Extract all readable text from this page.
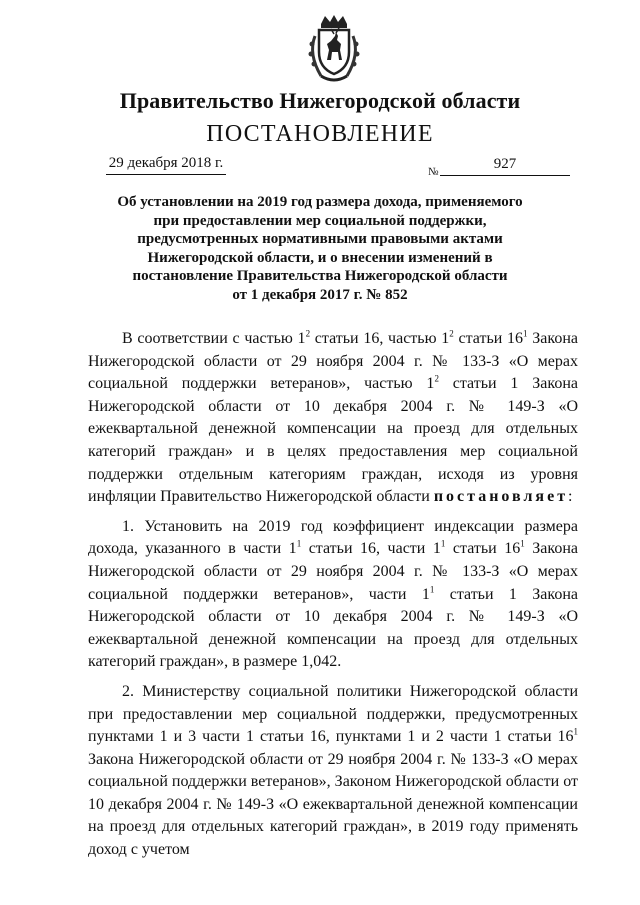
Правительство Нижегородской области
ПОСТАНОВЛЕНИЕ
29 декабря 2018 г.
№	927
Об установлении на 2019 год размера дохода, применяемого
при предоставлении мер социальной поддержки,
предусмотренных нормативными правовыми актами
Нижегородской области, и о внесении изменений в
постановление Правительства Нижегородской области
от 1 декабря 2017 г. № 852

В соответствии с частью $1^2$ статьи 16, частью $1^2$ статьи $16^1$ Закона Нижегородской области от 29 ноября 2004 г. № 133-З «О мерах социальной поддержки ветеранов», частью $1^2$ статьи 1 Закона Нижегородской области от 10 декабря 2004 г. № 149-З «О ежеквартальной денежной компенсации на проезд для отдельных категорий граждан» и в целях предоставления мер социальной поддержки отдельным категориям граждан, исходя из уровня инфляции Правительство Нижегородской области постановляет:

1. Установить на 2019 год коэффициент индексации размера дохода, указанного в части $1^1$ статьи 16, части $1^1$ статьи $16^1$ Закона Нижегородской области от 29 ноября 2004 г. № 133-З «О мерах социальной поддержки ветеранов», части $1^1$ статьи 1 Закона Нижегородской области от 10 декабря 2004 г. № 149-З «О ежеквартальной денежной компенсации на проезд для отдельных категорий граждан», в размере 1,042.

2. Министерству социальной политики Нижегородской области при предоставлении мер социальной поддержки, предусмотренных пунктами 1 и 3 части 1 статьи 16, пунктами 1 и 2 части 1 статьи $16^1$ Закона Нижегородской области от 29 ноября 2004 г. № 133-З «О мерах социальной поддержки ветеранов», Законом Нижегородской области от 10 декабря 2004 г. № 149-З «О ежеквартальной денежной компенсации на проезд для отдельных категорий граждан», в 2019 году применять доход с учетом
